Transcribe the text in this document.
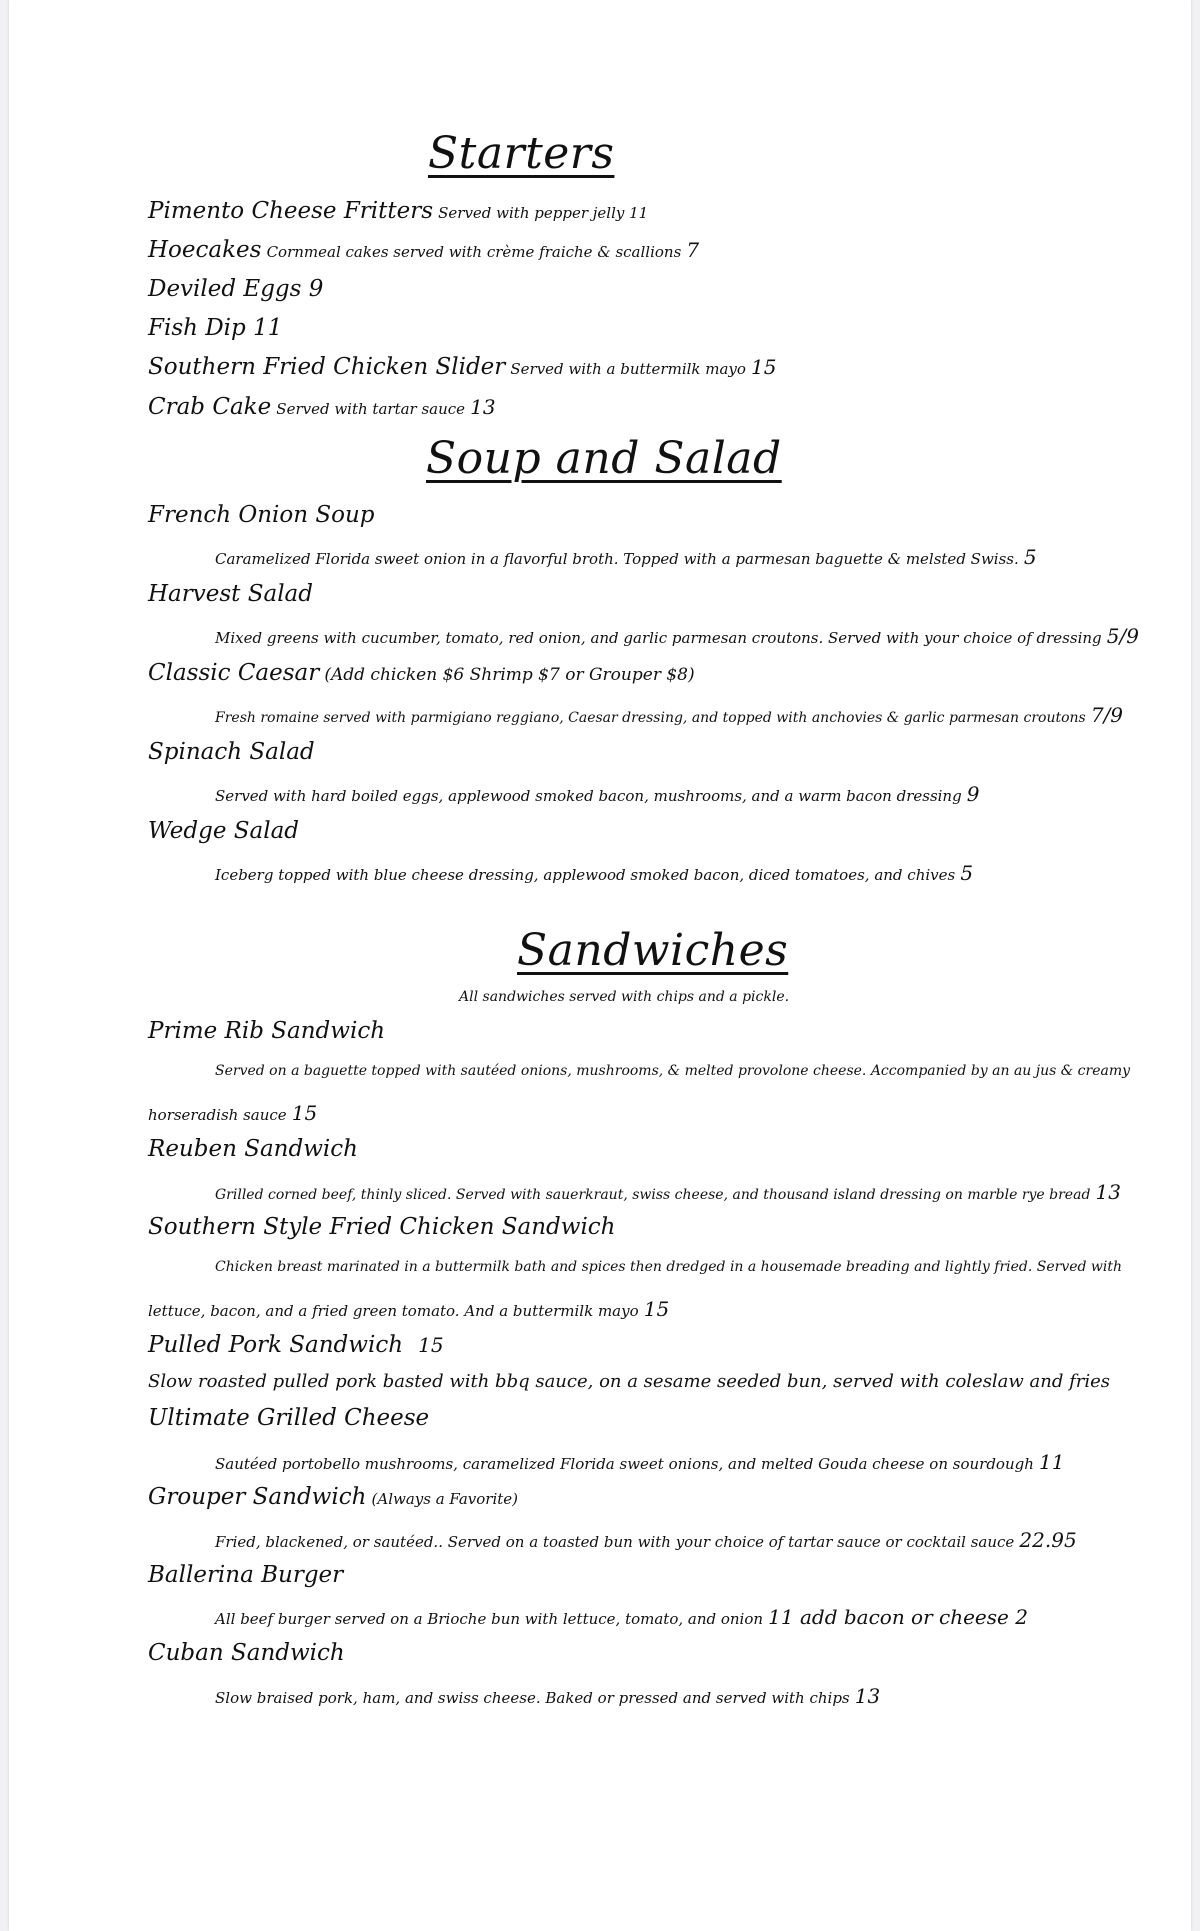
Starters
Pimento Cheese Fritters Served with pepper jelly 11
Hoecakes Cornmeal cakes served with crème fraiche & scallions 7
Deviled Eggs 9
Fish Dip 11
Southern Fried Chicken Slider Served with a buttermilk mayo 15
Crab Cake Served with tartar sauce 13
Soup and Salad
French Onion Soup
Caramelized Florida sweet onion in a flavorful broth. Topped with a parmesan baguette & melsted Swiss. 5
Harvest Salad
Mixed greens with cucumber, tomato, red onion, and garlic parmesan croutons. Served with your choice of dressing 5/9
Classic Caesar (Add chicken $6 Shrimp $7 or Grouper $8)
Fresh romaine served with parmigiano reggiano, Caesar dressing, and topped with anchovies & garlic parmesan croutons 7/9
Spinach Salad
Served with hard boiled eggs, applewood smoked bacon, mushrooms, and a warm bacon dressing 9
Wedge Salad
Iceberg topped with blue cheese dressing, applewood smoked bacon, diced tomatoes, and chives 5
Sandwiches
All sandwiches served with chips and a pickle.
Prime Rib Sandwich
Served on a baguette topped with sautéed onions, mushrooms, & melted provolone cheese. Accompanied by an au jus & creamy
horseradish sauce 15
Reuben Sandwich
Grilled corned beef, thinly sliced. Served with sauerkraut, swiss cheese, and thousand island dressing on marble rye bread 13
Southern Style Fried Chicken Sandwich
Chicken breast marinated in a buttermilk bath and spices then dredged in a housemade breading and lightly fried. Served with
lettuce, bacon, and a fried green tomato. And a buttermilk mayo 15
Pulled Pork Sandwich 15
Slow roasted pulled pork basted with bbq sauce, on a sesame seeded bun, served with coleslaw and fries
Ultimate Grilled Cheese
Sautéed portobello mushrooms, caramelized Florida sweet onions, and melted Gouda cheese on sourdough 11
Grouper Sandwich (Always a Favorite)
Fried, blackened, or sautéed.. Served on a toasted bun with your choice of tartar sauce or cocktail sauce 22.95
Ballerina Burger
All beef burger served on a Brioche bun with lettuce, tomato, and onion 11 add bacon or cheese 2
Cuban Sandwich
Slow braised pork, ham, and swiss cheese. Baked or pressed and served with chips 13
